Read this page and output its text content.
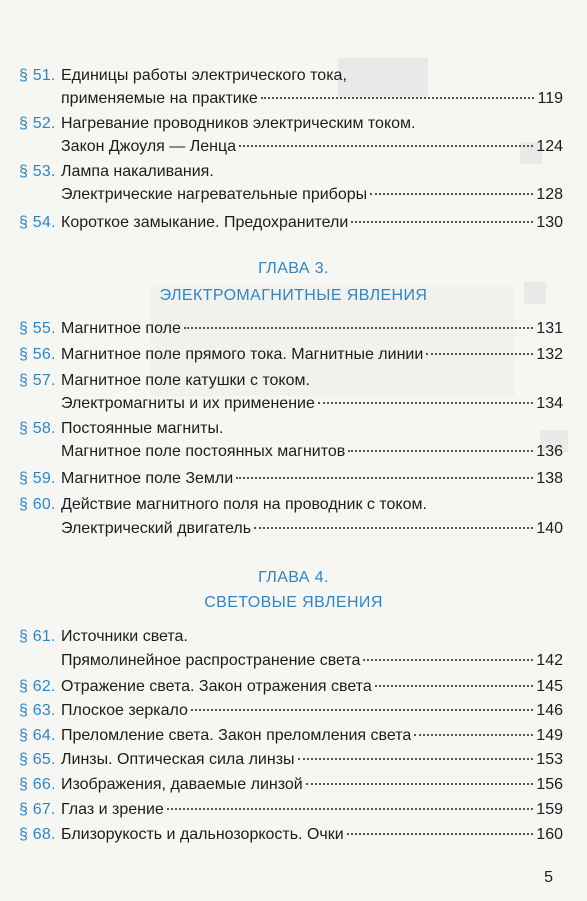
§ 51. Единицы работы электрического тока,
применяемые на практике	119
§ 52. Нагревание проводников электрическим током.
Закон Джоуля — Ленца	124
§ 53. Лампа накаливания.
Электрические нагревательные приборы	128
§ 54. Короткое замыкание. Предохранители	130
ГЛАВА 3.
ЭЛЕКТРОМАГНИТНЫЕ ЯВЛЕНИЯ
§ 55. Магнитное поле	131
§ 56. Магнитное поле прямого тока. Магнитные линии	132
§ 57. Магнитное поле катушки с током.
Электромагниты и их применение	134
§ 58. Постоянные магниты.
Магнитное поле постоянных магнитов	136
§ 59. Магнитное поле Земли	138
§ 60. Действие магнитного поля на проводник с током.
Электрический двигатель	140
ГЛАВА 4.
СВЕТОВЫЕ ЯВЛЕНИЯ
§ 61. Источники света.
Прямолинейное распространение света	142
§ 62. Отражение света. Закон отражения света	145
§ 63. Плоское зеркало	146
§ 64. Преломление света. Закон преломления света	149
§ 65. Линзы. Оптическая сила линзы	153
§ 66. Изображения, даваемые линзой	156
§ 67. Глаз и зрение	159
§ 68. Близорукость и дальнозоркость. Очки	160
5
